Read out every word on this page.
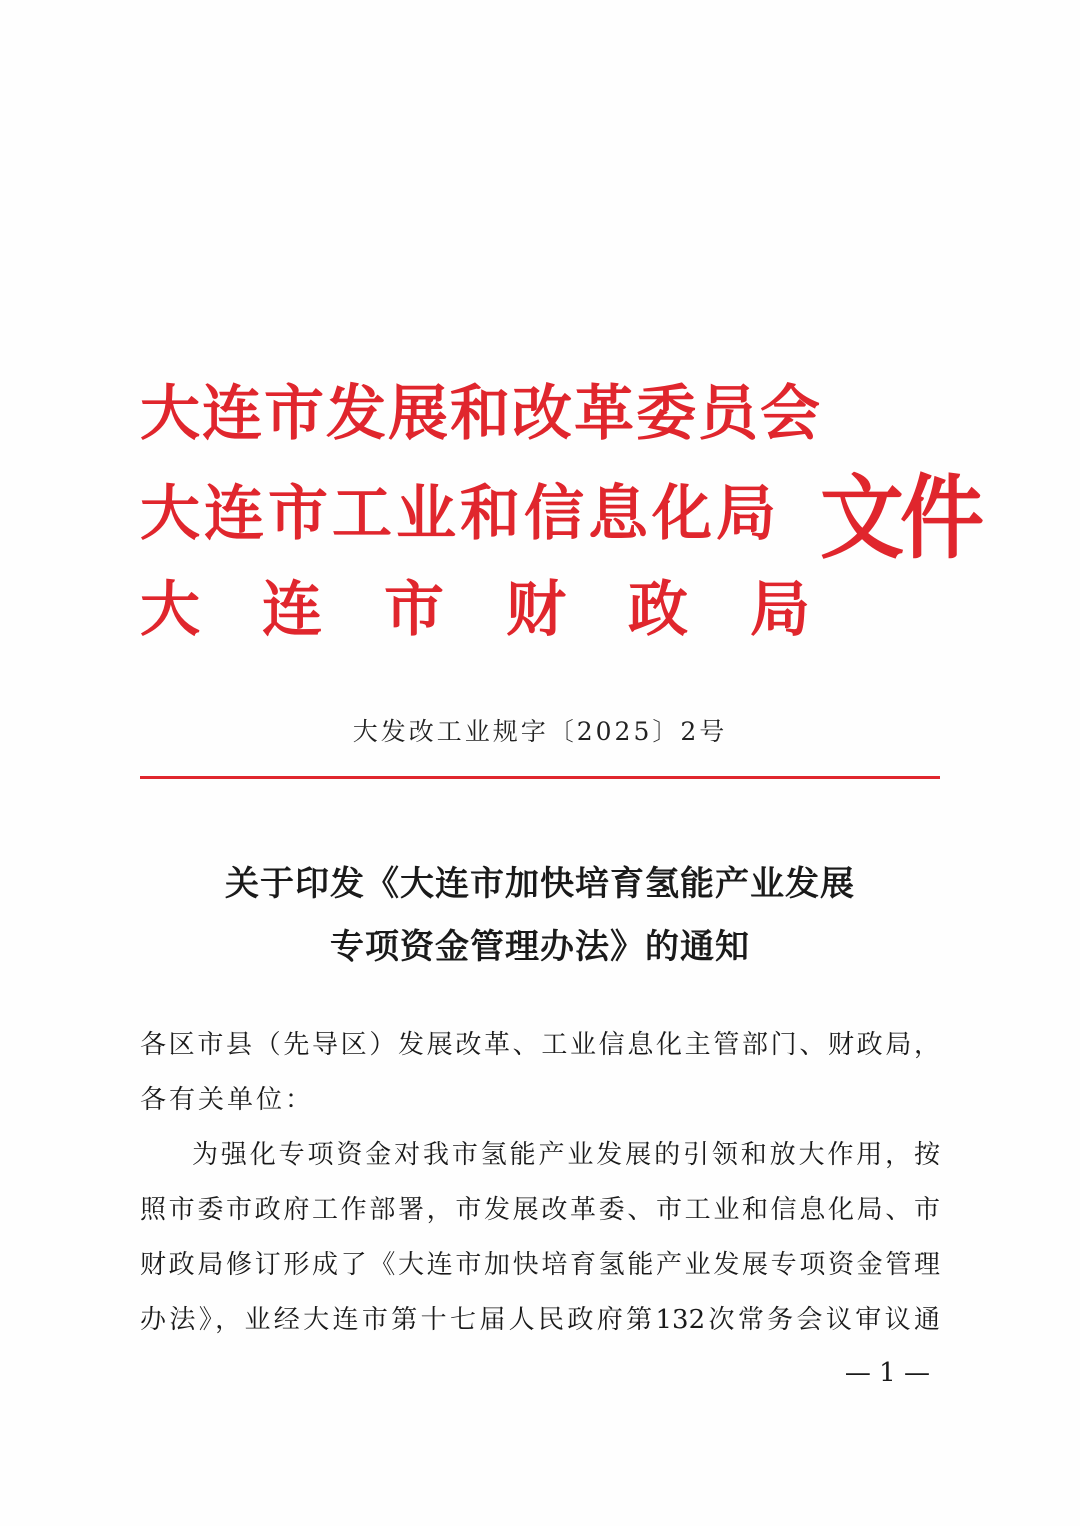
大连市发展和改革委员会
大连市工业和信息化局
大连市财政局
文件
大发改工业规字〔2025〕2号
关于印发《大连市加快培育氢能产业发展
专项资金管理办法》的通知
各区市县（先导区）发展改革、工业信息化主管部门、财政局，
各有关单位：
为强化专项资金对我市氢能产业发展的引领和放大作用，按
照市委市政府工作部署，市发展改革委、市工业和信息化局、市
财政局修订形成了《大连市加快培育氢能产业发展专项资金管理
办法》，业经大连市第十七届人民政府第132次常务会议审议通
— 1 —
